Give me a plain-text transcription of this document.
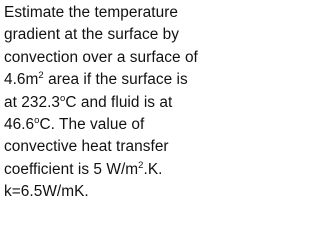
Estimate the temperature
gradient at the surface by
convection over a surface of
$4.6m^2$ area if the surface is
at 232.3$^o$C and fluid is at
46.6$^o$C. The value of
convective heat transfer
coefficient is 5 $W/m^2.K$.
k=6.5W/mK.
